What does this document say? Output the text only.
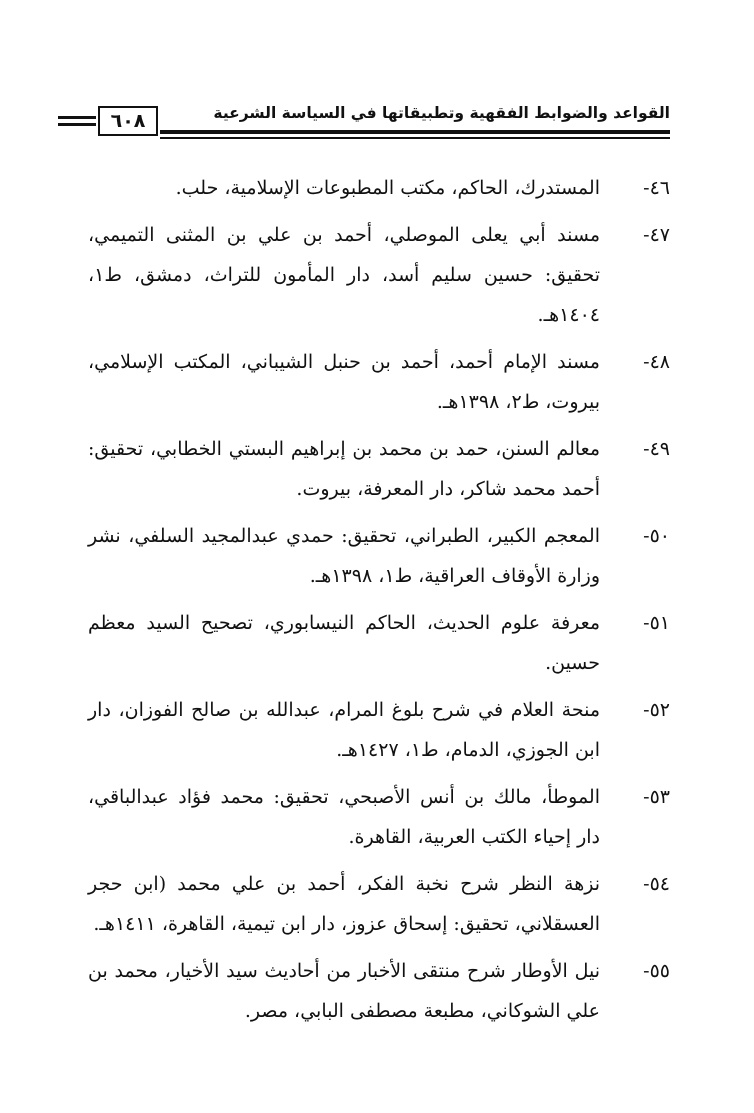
٦٠٨	القواعد والضوابط الفقهية وتطبيقاتها في السياسة الشرعية
٤٦-
المستدرك، الحاكم، مكتب المطبوعات الإسلامية، حلب.
٤٧-
مسند أبي يعلى الموصلي، أحمد بن علي بن المثنى التميمي، تحقيق: حسين سليم أسد، دار المأمون للتراث، دمشق، ط١، ١٤٠٤هـ.
٤٨-
مسند الإمام أحمد، أحمد بن حنبل الشيباني، المكتب الإسلامي، بيروت، ط٢، ١٣٩٨هـ.
٤٩-
معالم السنن، حمد بن محمد بن إبراهيم البستي الخطابي، تحقيق: أحمد محمد شاكر، دار المعرفة، بيروت.
٥٠-
المعجم الكبير، الطبراني، تحقيق: حمدي عبدالمجيد السلفي، نشر وزارة الأوقاف العراقية، ط١، ١٣٩٨هـ.
٥١-
معرفة علوم الحديث، الحاكم النيسابوري، تصحيح السيد معظم حسين.
٥٢-
منحة العلام في شرح بلوغ المرام، عبدالله بن صالح الفوزان، دار ابن الجوزي، الدمام، ط١، ١٤٢٧هـ.
٥٣-
الموطأ، مالك بن أنس الأصبحي، تحقيق: محمد فؤاد عبدالباقي، دار إحياء الكتب العربية، القاهرة.
٥٤-
نزهة النظر شرح نخبة الفكر، أحمد بن علي محمد (ابن حجر العسقلاني، تحقيق: إسحاق عزوز، دار ابن تيمية، القاهرة، ١٤١١هـ.
٥٥-
نيل الأوطار شرح منتقى الأخبار من أحاديث سيد الأخيار، محمد بن علي الشوكاني، مطبعة مصطفى البابي، مصر.
